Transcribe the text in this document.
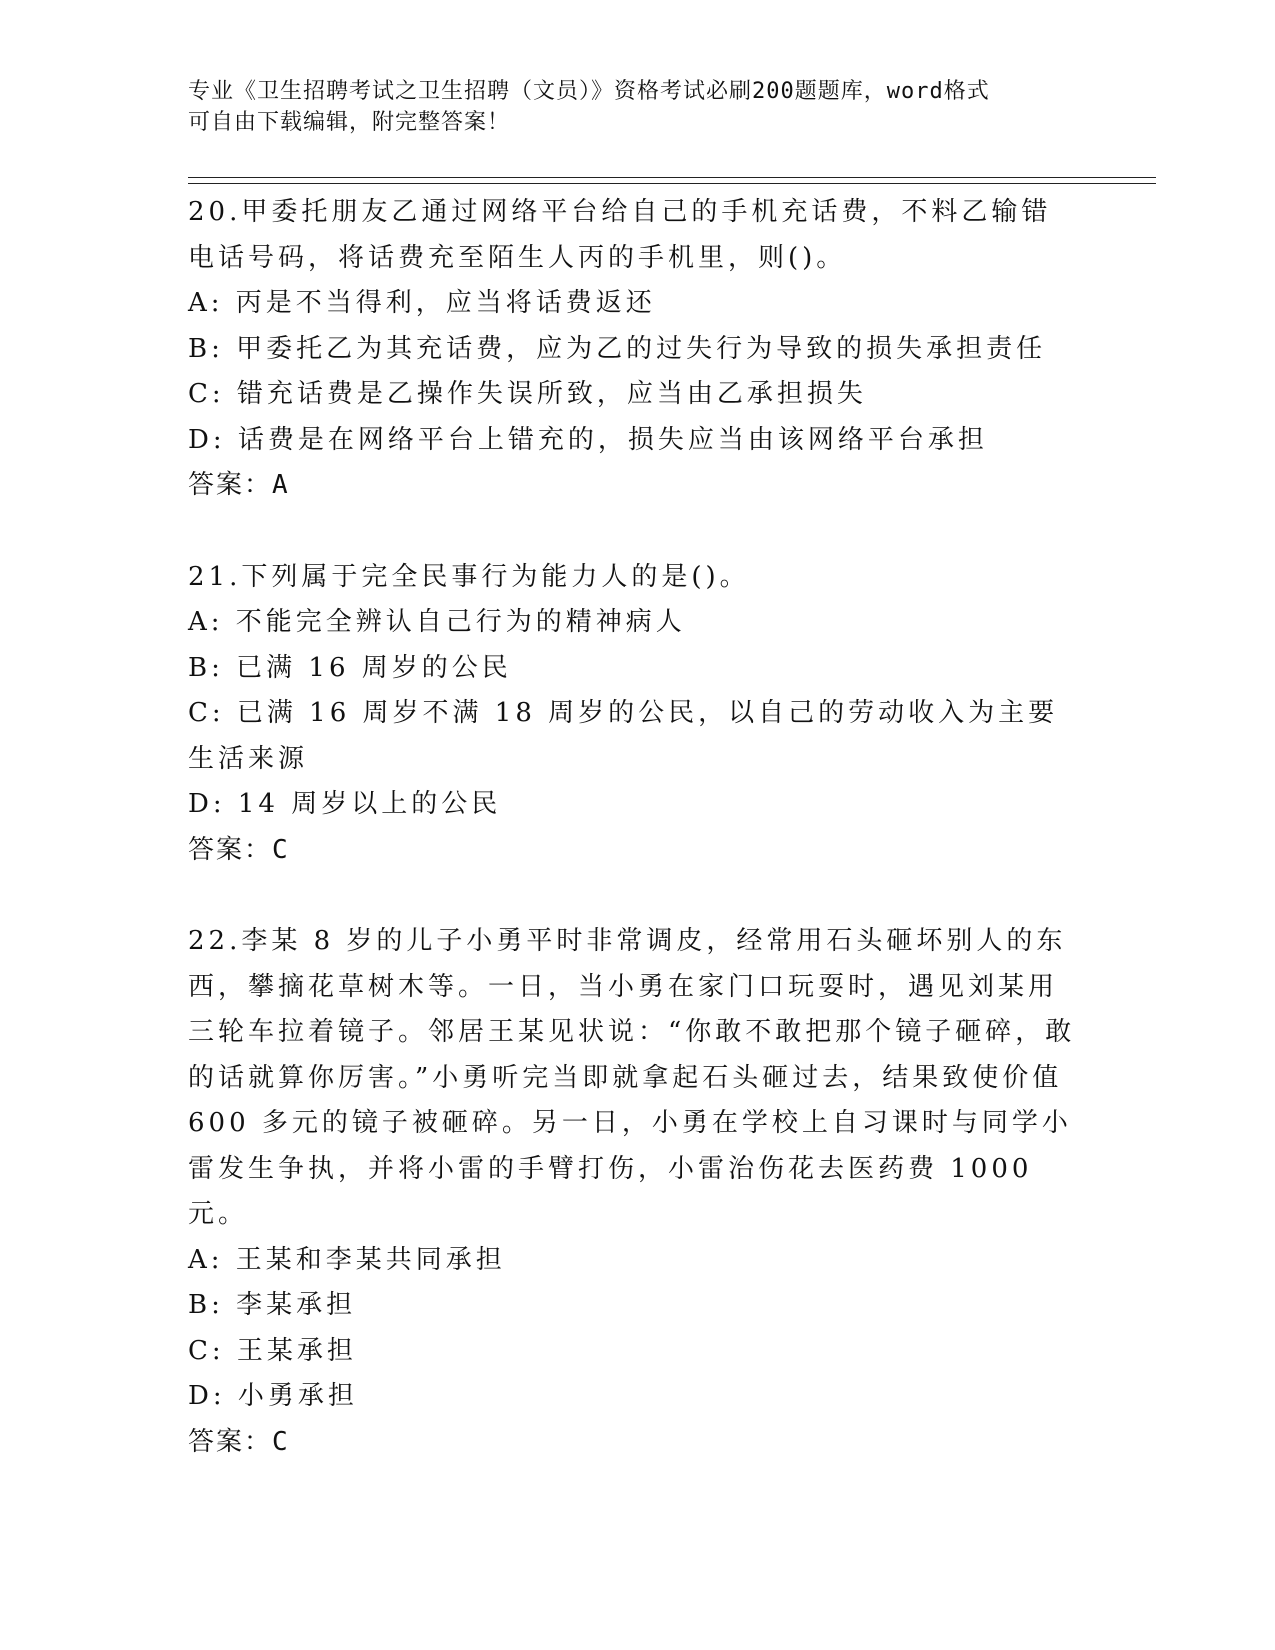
专业《卫生招聘考试之卫生招聘（文员）》资格考试必刷200题题库，word格式
可自由下载编辑，附完整答案！
20.甲委托朋友乙通过网络平台给自己的手机充话费，不料乙输错电话号码，将话费充至陌生人丙的手机里，则()。
A: 丙是不当得利，应当将话费返还
B: 甲委托乙为其充话费，应为乙的过失行为导致的损失承担责任
C: 错充话费是乙操作失误所致，应当由乙承担损失
D: 话费是在网络平台上错充的，损失应当由该网络平台承担
答案：A
21.下列属于完全民事行为能力人的是()。
A: 不能完全辨认自己行为的精神病人
B: 已满 16 周岁的公民
C: 已满 16 周岁不满 18 周岁的公民，以自己的劳动收入为主要生活来源
D: 14 周岁以上的公民
答案：C
22.李某 8 岁的儿子小勇平时非常调皮，经常用石头砸坏别人的东西，攀摘花草树木等。一日，当小勇在家门口玩耍时，遇见刘某用三轮车拉着镜子。邻居王某见状说：“你敢不敢把那个镜子砸碎，敢的话就算你厉害。”小勇听完当即就拿起石头砸过去，结果致使价值 600 多元的镜子被砸碎。另一日，小勇在学校上自习课时与同学小雷发生争执，并将小雷的手臂打伤，小雷治伤花去医药费 1000 元。
A: 王某和李某共同承担
B: 李某承担
C: 王某承担
D: 小勇承担
答案：C
